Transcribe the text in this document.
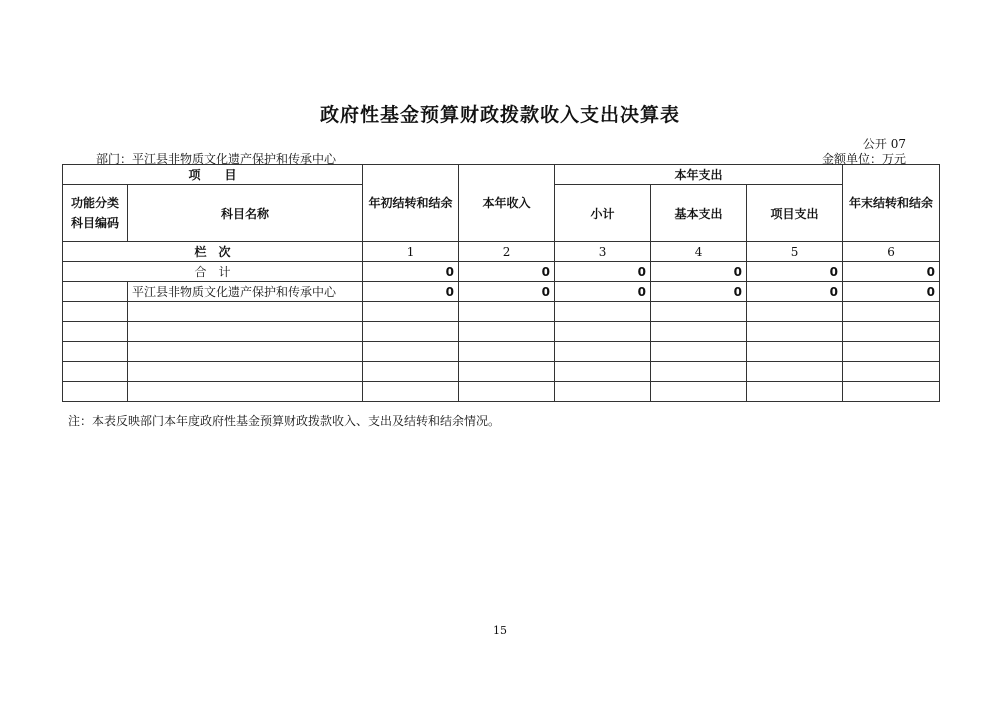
政府性基金预算财政拨款收入支出决算表
公开 07
部门：平江县非物质文化遗产保护和传承中心	金额单位：万元
项　　目		年初结转和结余	本年收入	本年支出			年末结转和结余
功能分类科目编码	科目名称			小计	基本支出	项目支出	

栏　次		1	2	3	4	5	6
合　计		0	0	0	0	0	0
	平江县非物质文化遗产保护和传承中心	0	0	0	0	0	0

注：本表反映部门本年度政府性基金预算财政拨款收入、支出及结转和结余情况。
15
